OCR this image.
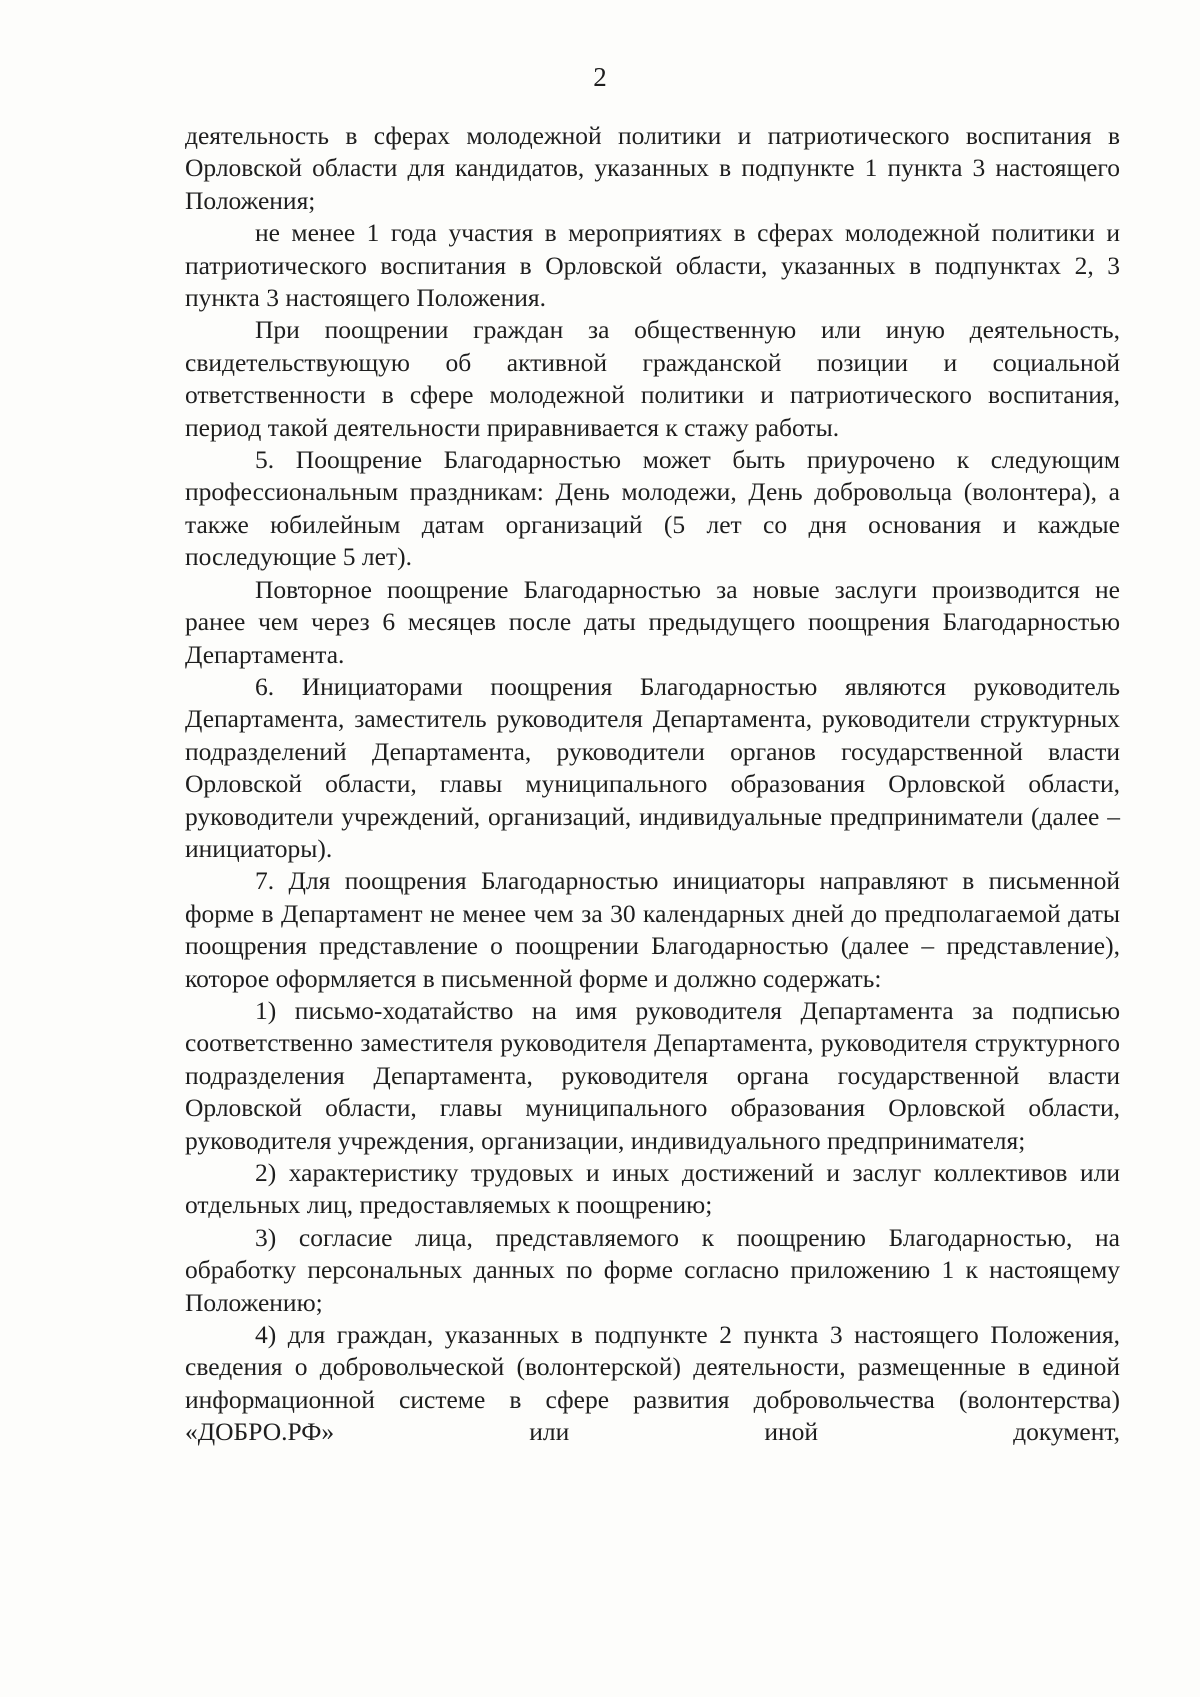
2

деятельность в сферах молодежной политики и патриотического воспитания в Орловской области для кандидатов, указанных в подпункте 1 пункта 3 настоящего Положения;

не менее 1 года участия в мероприятиях в сферах молодежной политики и патриотического воспитания в Орловской области, указанных в подпунктах 2, 3 пункта 3 настоящего Положения.

При поощрении граждан за общественную или иную деятельность, свидетельствующую об активной гражданской позиции и социальной ответственности в сфере молодежной политики и патриотического воспитания, период такой деятельности приравнивается к стажу работы.

5. Поощрение Благодарностью может быть приурочено к следующим профессиональным праздникам: День молодежи, День добровольца (волонтера), а также юбилейным датам организаций (5 лет со дня основания и каждые последующие 5 лет).

Повторное поощрение Благодарностью за новые заслуги производится не ранее чем через 6 месяцев после даты предыдущего поощрения Благодарностью Департамента.

6. Инициаторами поощрения Благодарностью являются руководитель Департамента, заместитель руководителя Департамента, руководители структурных подразделений Департамента, руководители органов государственной власти Орловской области, главы муниципального образования Орловской области, руководители учреждений, организаций, индивидуальные предприниматели (далее – инициаторы).

7. Для поощрения Благодарностью инициаторы направляют в письменной форме в Департамент не менее чем за 30 календарных дней до предполагаемой даты поощрения представление о поощрении Благодарностью (далее – представление), которое оформляется в письменной форме и должно содержать:

1) письмо-ходатайство на имя руководителя Департамента за подписью соответственно заместителя руководителя Департамента, руководителя структурного подразделения Департамента, руководителя органа государственной власти Орловской области, главы муниципального образования Орловской области, руководителя учреждения, организации, индивидуального предпринимателя;

2) характеристику трудовых и иных достижений и заслуг коллективов или отдельных лиц, предоставляемых к поощрению;

3) согласие лица, представляемого к поощрению Благодарностью, на обработку персональных данных по форме согласно приложению 1 к настоящему Положению;

4) для граждан, указанных в подпункте 2 пункта 3 настоящего Положения, сведения о добровольческой (волонтерской) деятельности, размещенные в единой информационной системе в сфере развития добровольчества (волонтерства) «ДОБРО.РФ» или иной документ,
